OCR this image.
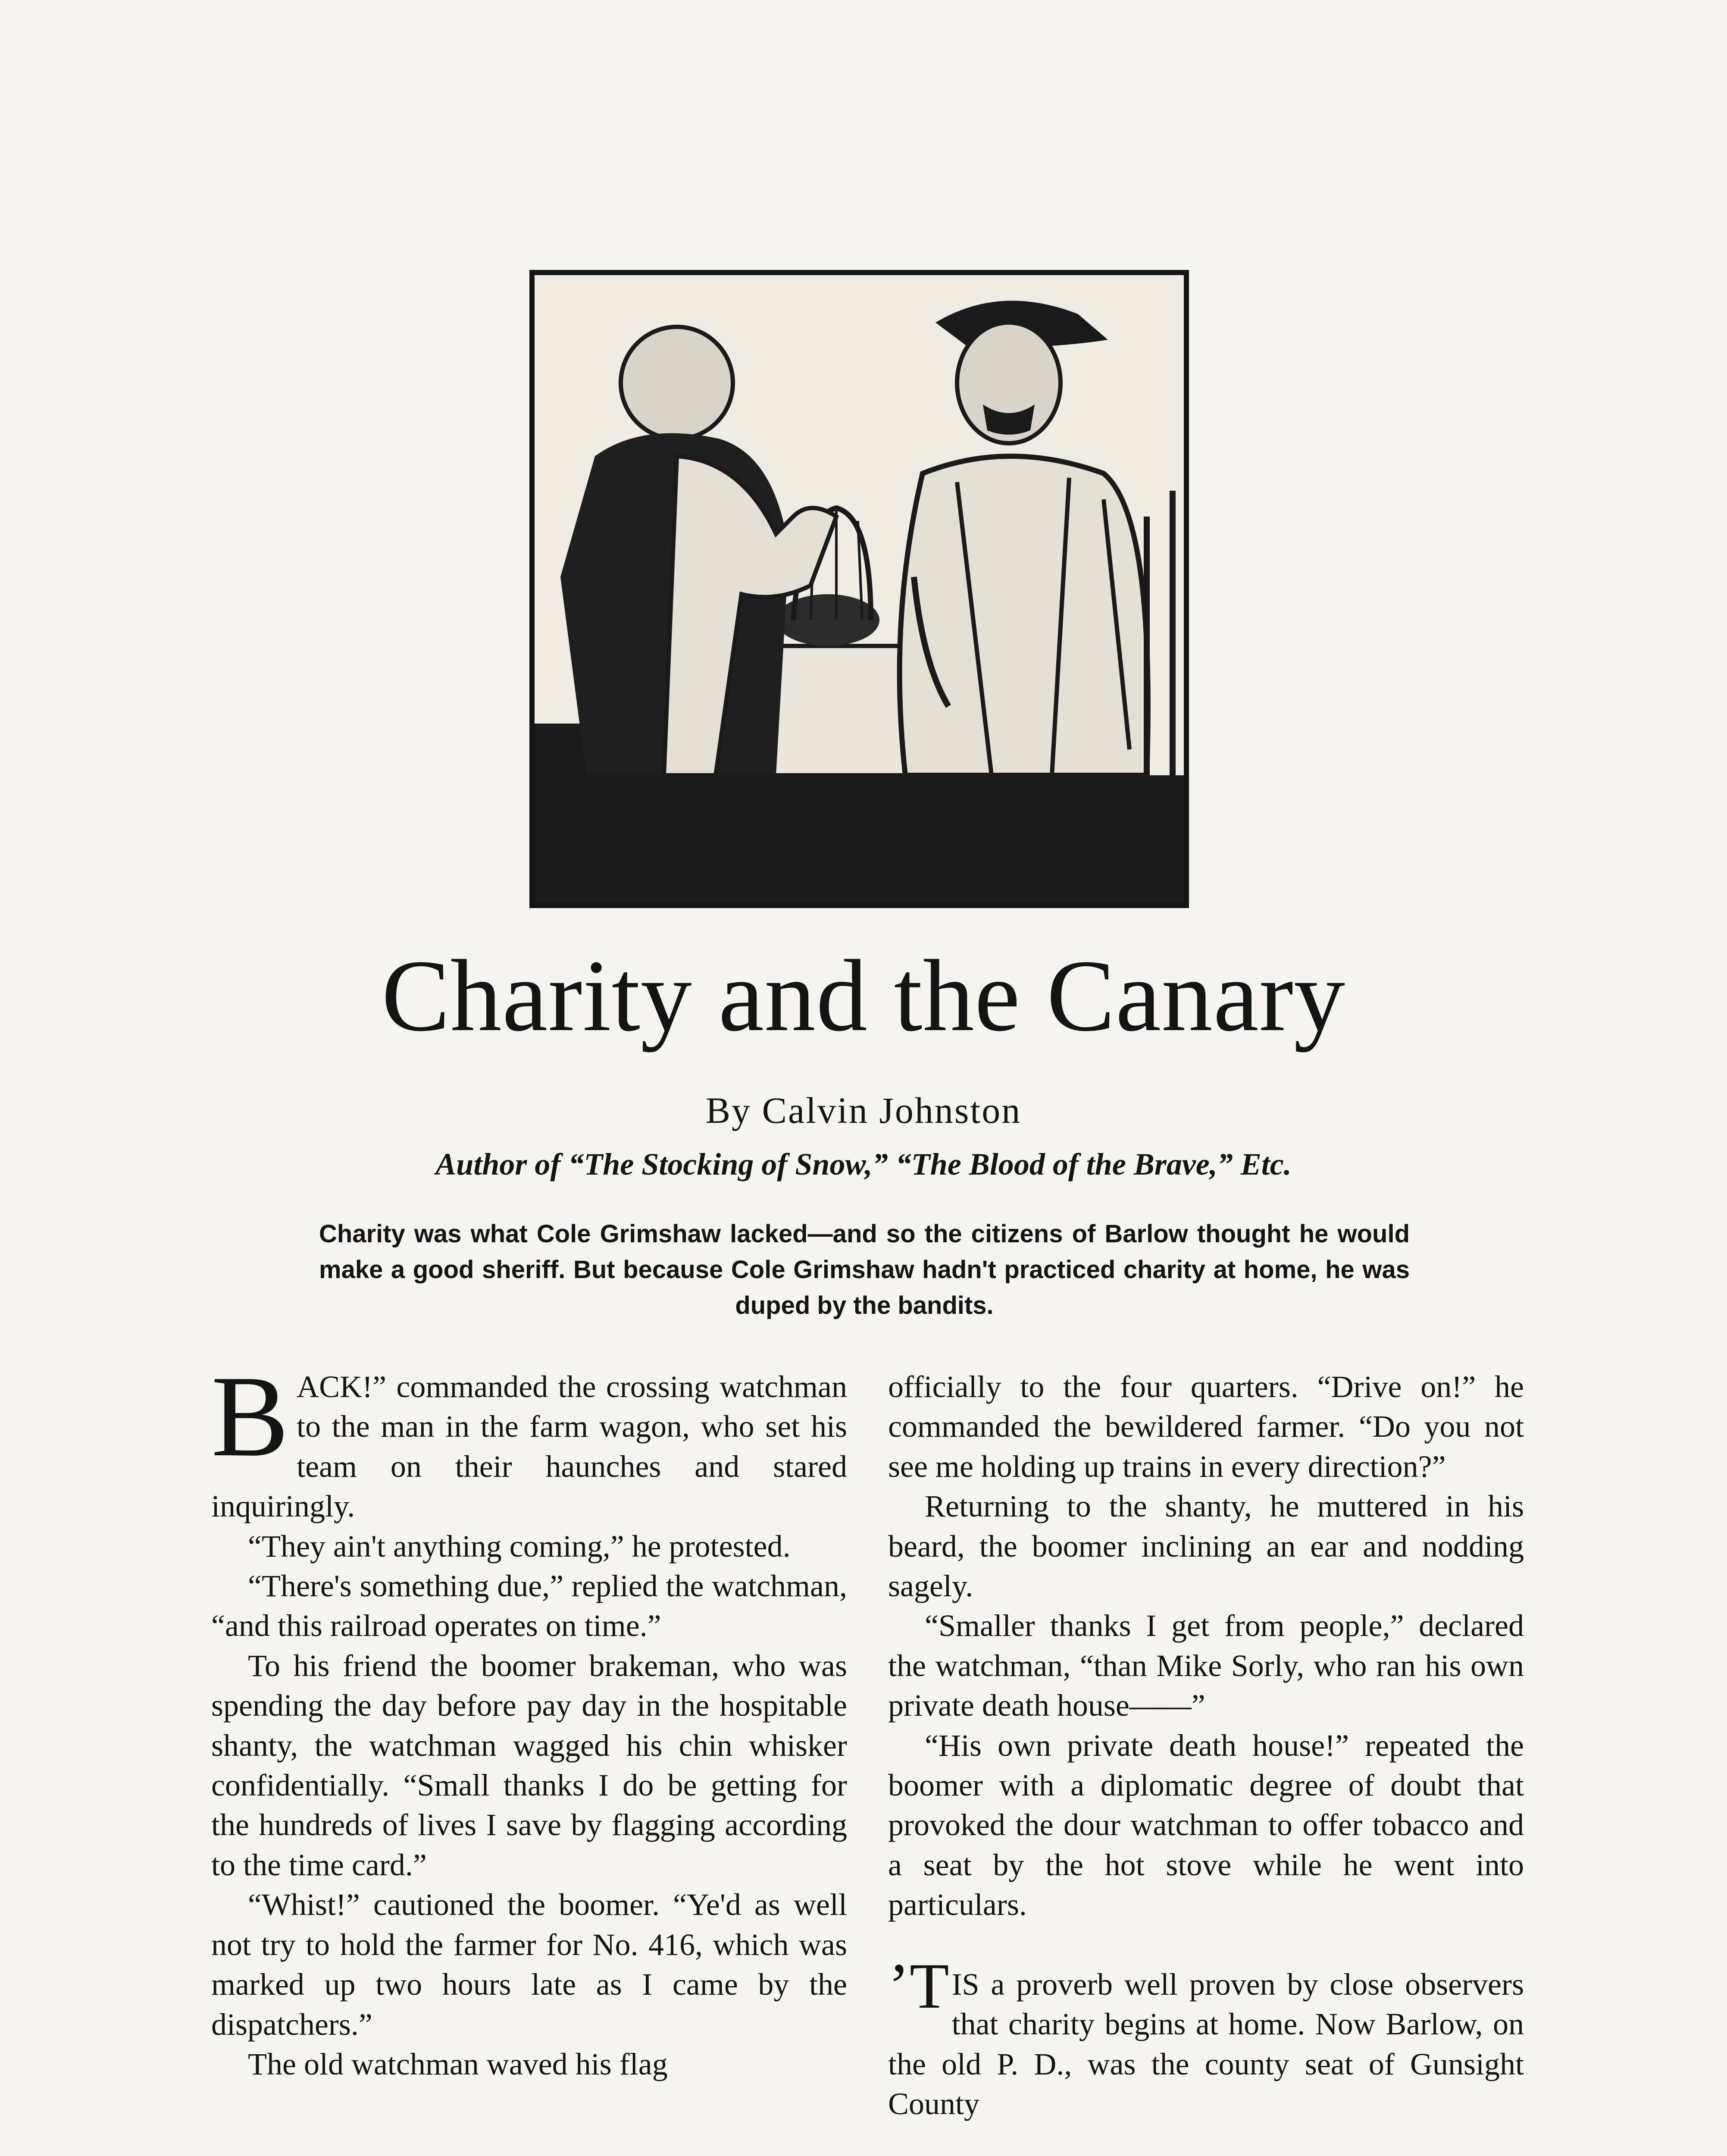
Charity and the Canary
By Calvin Johnston
Author of “The Stocking of Snow,” “The Blood of the Brave,” Etc.
Charity was what Cole Grimshaw lacked—and so the citizens of Barlow thought he would make a good sheriff. But because Cole Grimshaw hadn't practiced charity at home, he was duped by the bandits.

BACK!” commanded the crossing watchman to the man in the farm wagon, who set his team on their haunches and stared inquiringly.

“They ain't anything coming,” he protested.

“There's something due,” replied the watchman, “and this railroad operates on time.”

To his friend the boomer brakeman, who was spending the day before pay day in the hospitable shanty, the watchman wagged his chin whisker confidentially. “Small thanks I do be getting for the hundreds of lives I save by flagging according to the time card.”

“Whist!” cautioned the boomer. “Ye'd as well not try to hold the farmer for No. 416, which was marked up two hours late as I came by the dispatchers.”

The old watchman waved his flag

officially to the four quarters. “Drive on!” he commanded the bewildered farmer. “Do you not see me holding up trains in every direction?”

Returning to the shanty, he muttered in his beard, the boomer inclining an ear and nodding sagely.

“Smaller thanks I get from people,” declared the watchman, “than Mike Sorly, who ran his own private death house——”

“His own private death house!” repeated the boomer with a diplomatic degree of doubt that provoked the dour watchman to offer tobacco and a seat by the hot stove while he went into particulars.

’T IS a proverb well proven by close observers that charity begins at home. Now Barlow, on the old P. D., was the county seat of Gunsight County
